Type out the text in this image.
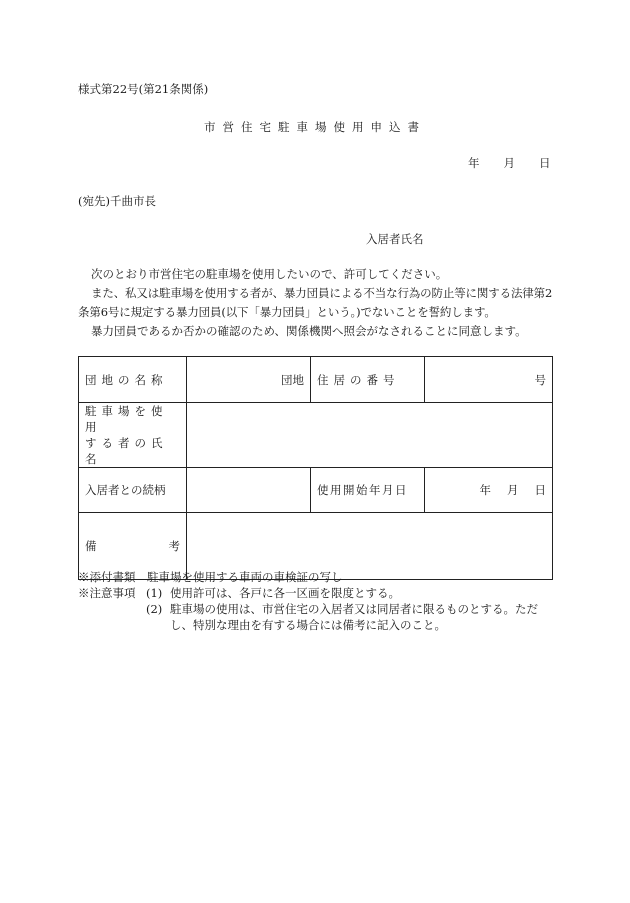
様式第22号(第21条関係)
市営住宅駐車場使用申込書
年 月 日
(宛先)千曲市長
入居者氏名
次のとおり市営住宅の駐車場を使用したいので、許可してください。
また、私又は駐車場を使用する者が、暴力団員による不当な行為の防止等に関する法律第2条第6号に規定する暴力団員(以下「暴力団員」という。)でないことを誓約します。
暴力団員であるか否かの確認のため、関係機関へ照会がなされることに同意します。
団地の名称	団地	住居の番号	号

駐車場を使用
する者の氏名			

入居者との続柄		使用開始年月日	年 月 日

備 考			

※添付書類　駐車場を使用する車両の車検証の写し
※注意事項 (1) 使用許可は、各戸に各一区画を限度とする。
(2) 駐車場の使用は、市営住宅の入居者又は同居者に限るものとする。ただし、特別な理由を有する場合には備考に記入のこと。
